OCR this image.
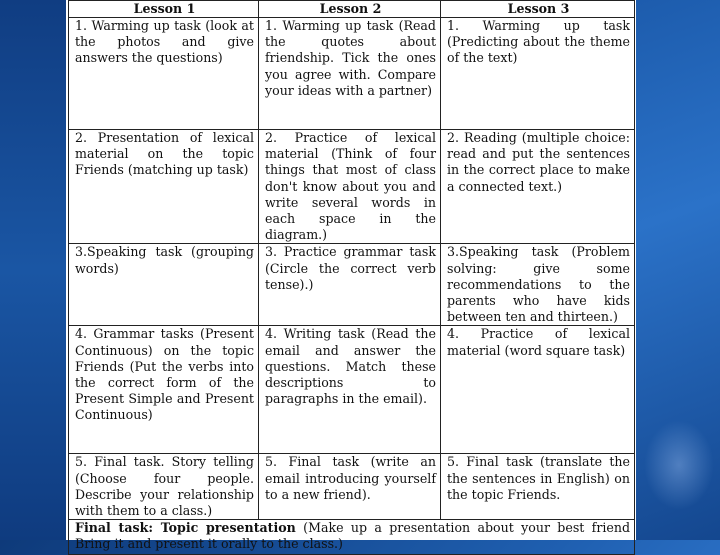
Lesson 1	Lesson 2	Lesson 3
1. Warming up task (look at the photos and give answers the questions)	1. Warming up task (Read the quotes about friendship. Tick the ones you agree with. Compare your ideas with a partner)	1. Warming up task (Predicting about the theme of the text)
2. Presentation of lexical material on the topic Friends (matching up task)	2. Practice of lexical material (Think of four things that most of class don't know about you and write several words in each space in the diagram.)	2. Reading (multiple choice: read and put the sentences in the correct place to make a connected text.)
3.Speaking task (grouping words)	3. Practice grammar task (Circle the correct verb tense).)	3.Speaking task (Problem solving: give some recommendations to the parents who have kids between ten and thirteen.)
4. Grammar tasks (Present Continuous) on the topic Friends (Put the verbs into the correct form of the Present Simple and Present Continuous)	4. Writing task (Read the email and answer the questions. Match these descriptions to paragraphs in the email).	4. Practice of lexical material (word square task)
5. Final task. Story telling (Choose four people. Describe your relationship with them to a class.)	5. Final task (write an email introducing yourself to a new friend).	5. Final task (translate the the sentences in English) on the topic Friends.
Final task: Topic presentation (Make up a presentation about your best friend Bring it and present it orally to the class.)		
